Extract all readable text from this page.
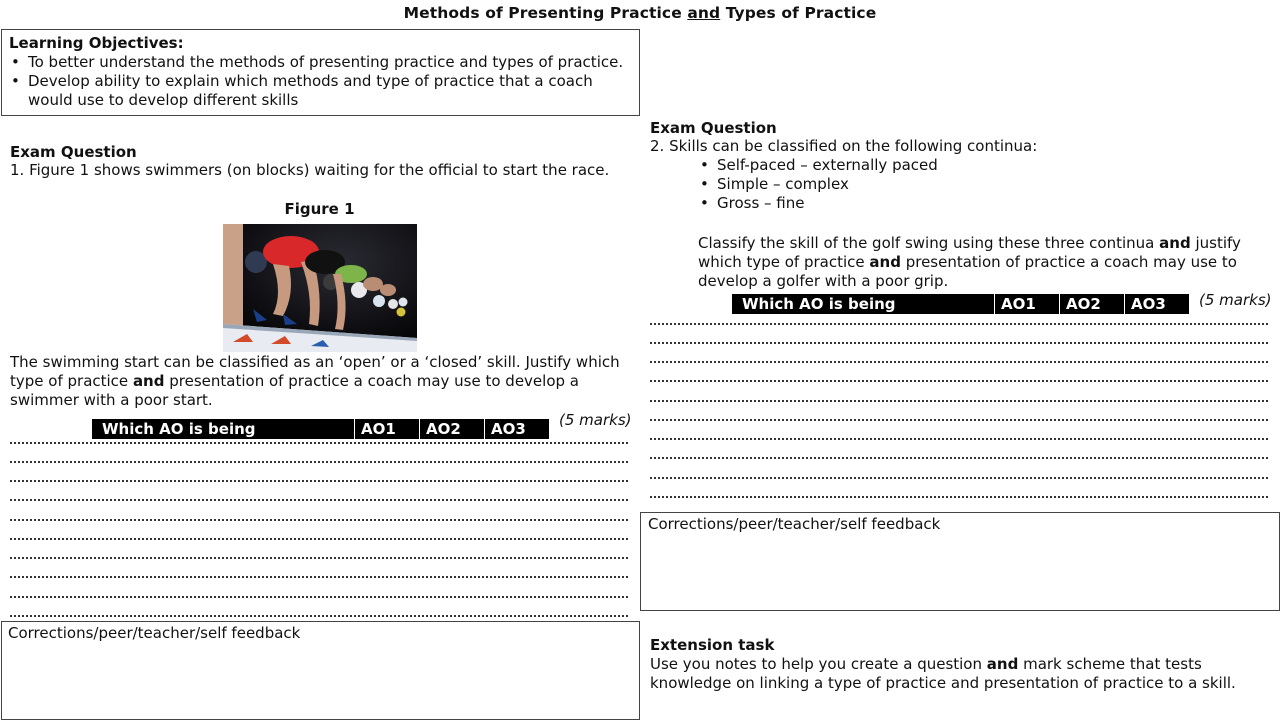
Methods of Presenting Practice and Types of Practice
Learning Objectives:
• To better understand the methods of presenting practice and types of practice.
• Develop ability to explain which methods and type of practice that a coach would use to develop different skills
Exam Question
1. Figure 1 shows swimmers (on blocks) waiting for the official to start the race.
Figure 1
The swimming start can be classified as an ‘open’ or a ‘closed’ skill. Justify which type of practice and presentation of practice a coach may use to develop a swimmer with a poor start.
Which AO is being questioned?
AO1	AO2	AO3	(5 marks)
Corrections/peer/teacher/self feedback
Exam Question
2. Skills can be classified on the following continua:
• Self-paced – externally paced
• Simple – complex
• Gross – fine
Classify the skill of the golf swing using these three continua and justify which type of practice and presentation of practice a coach may use to develop a golfer with a poor grip.
Which AO is being questioned?
AO1	AO2	AO3	(5 marks)
Corrections/peer/teacher/self feedback
Extension task
Use you notes to help you create a question and mark scheme that tests knowledge on linking a type of practice and presentation of practice to a skill.
